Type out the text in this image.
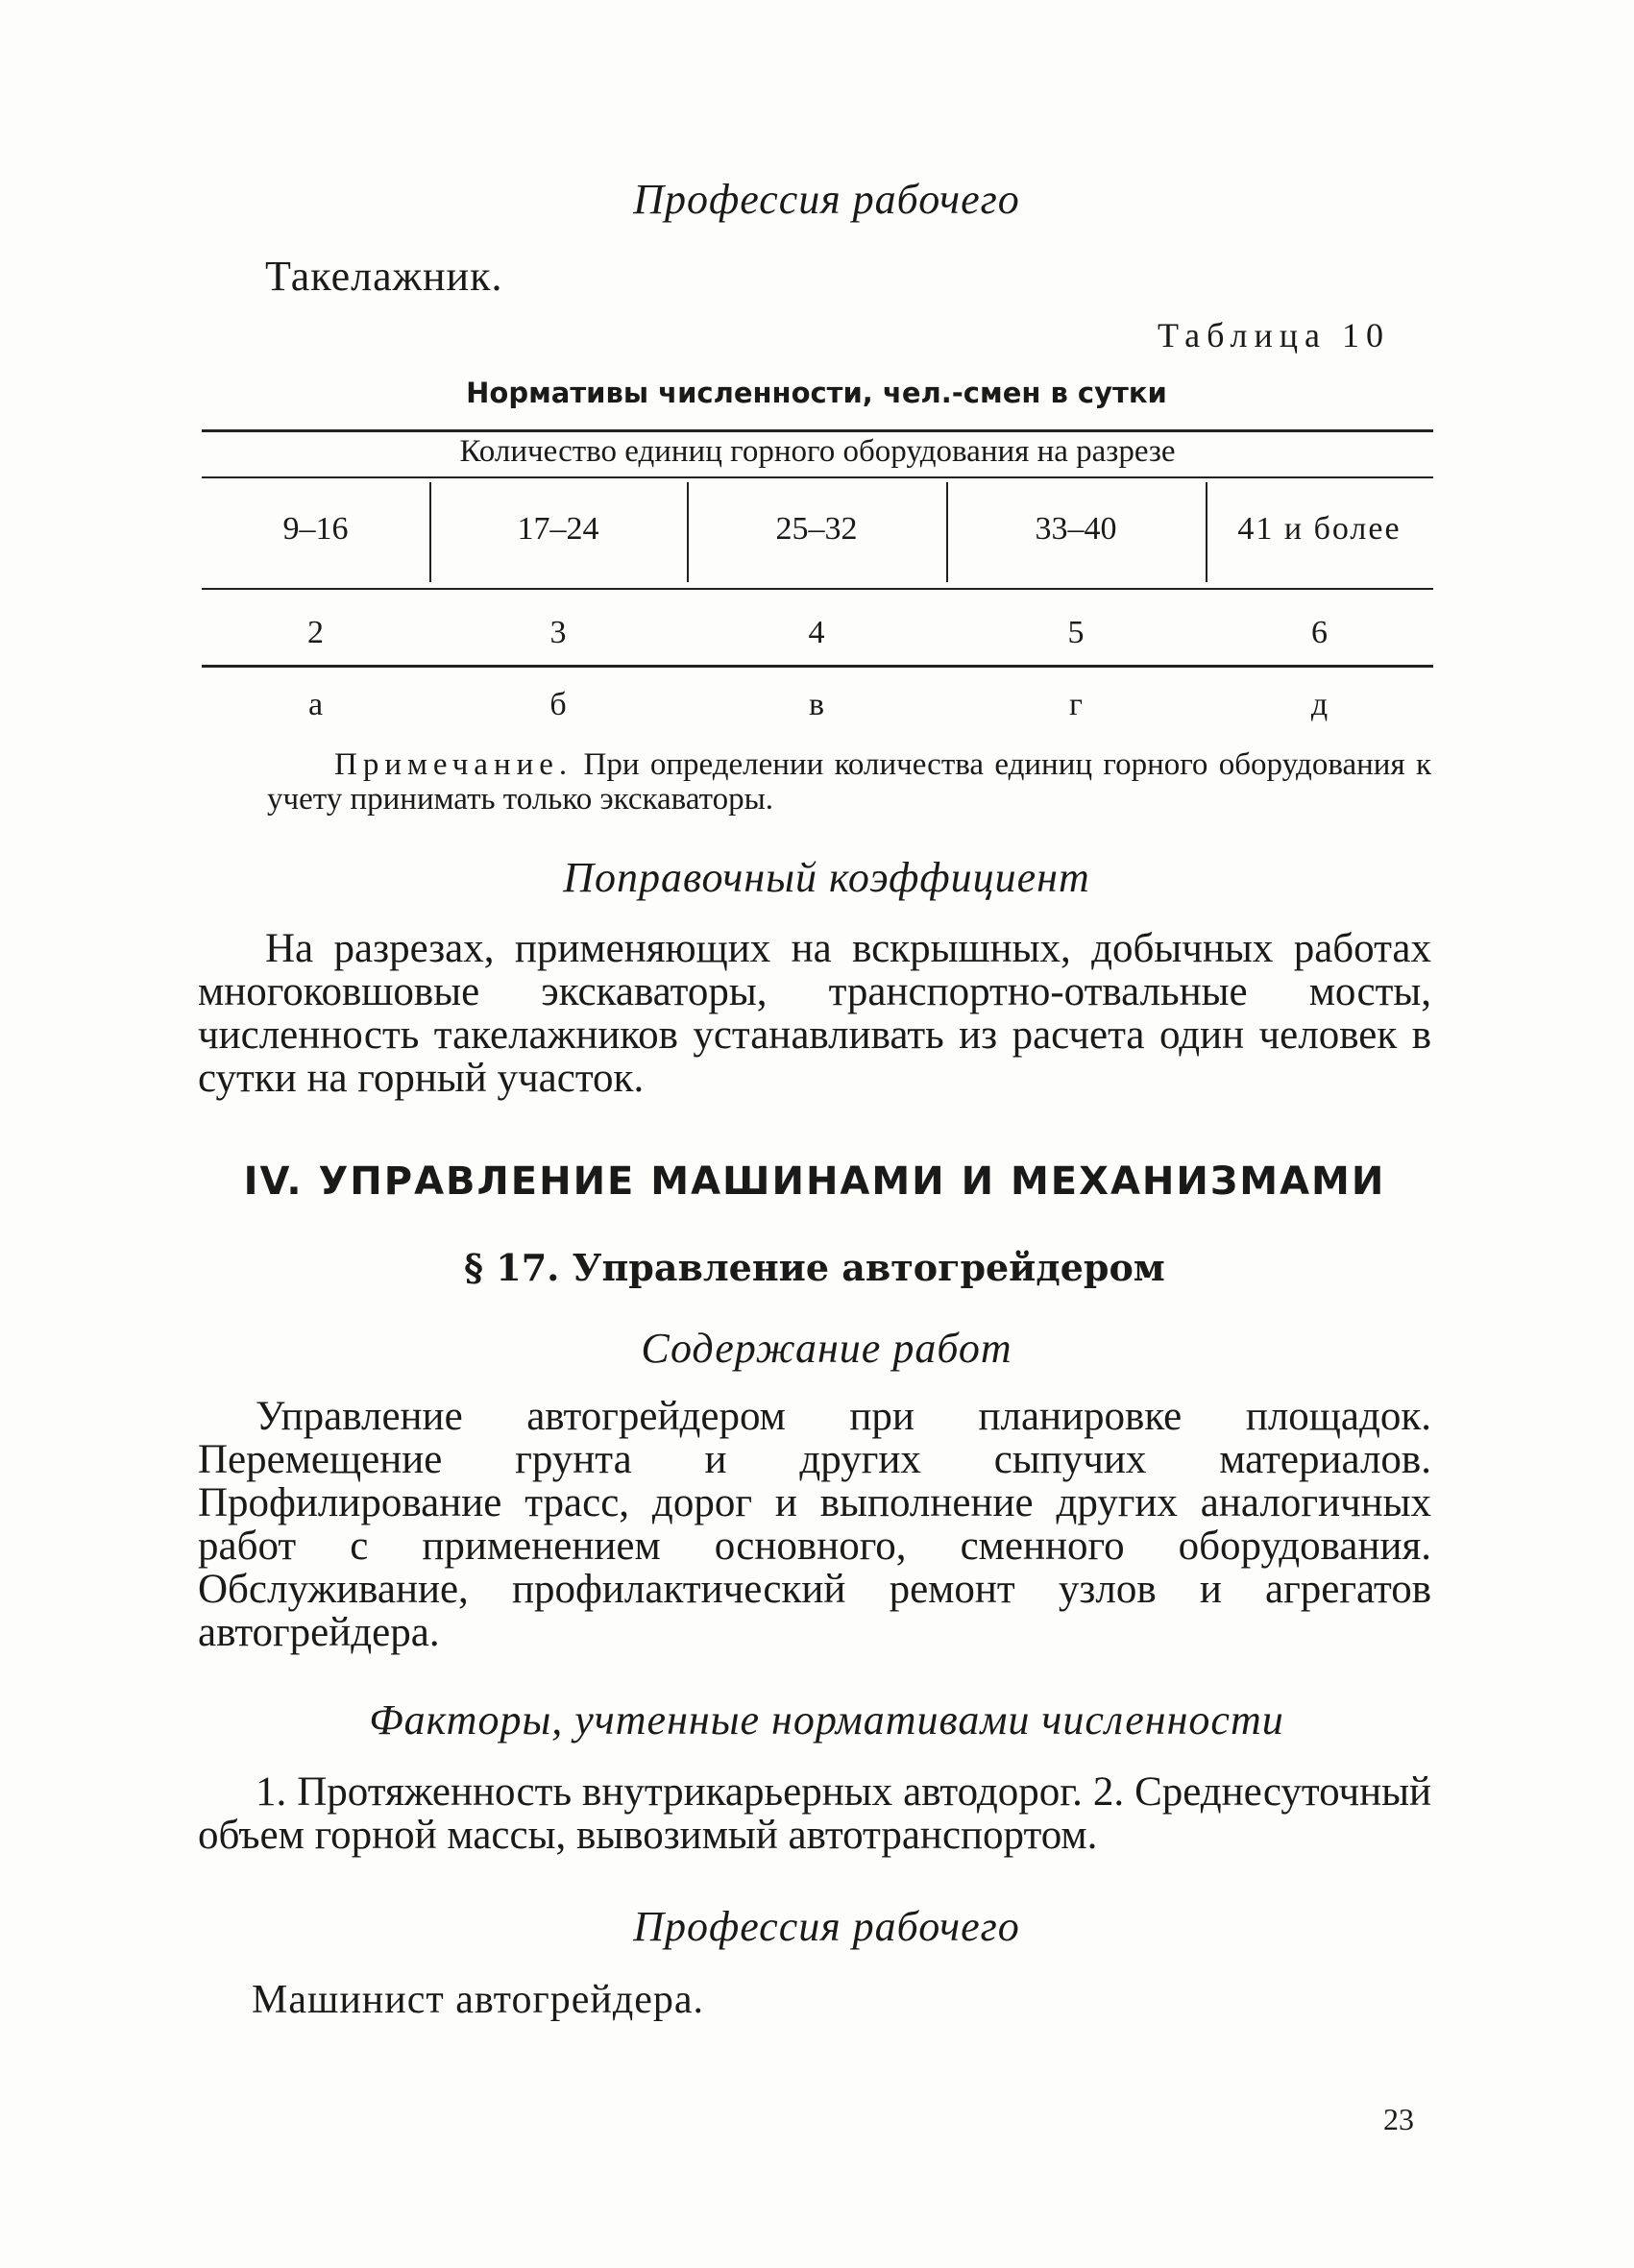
Профессия рабочего
Такелажник.
Таблица 10
Нормативы численности, чел.-смен в сутки
Количество единиц горного оборудования на разрезе
9–16	17–24	25–32	33–40	41 и более
2	3	4	5	6
а	б	в	г	д
Примечание. При определении количества единиц горного оборудования к учету принимать только экскаваторы.
Поправочный коэффициент
На разрезах, применяющих на вскрышных, добычных работах многоковшовые экскаваторы, транспортно-отвальные мосты, численность такелажников устанавливать из расчета один человек в сутки на горный участок.
IV. УПРАВЛЕНИЕ МАШИНАМИ И МЕХАНИЗМАМИ
§ 17. Управление автогрейдером
Содержание работ
Управление автогрейдером при планировке площадок. Перемещение грунта и других сыпучих материалов. Профилирование трасс, дорог и выполнение других аналогичных работ с применением основного, сменного оборудования. Обслуживание, профилактический ремонт узлов и агрегатов автогрейдера.
Факторы, учтенные нормативами численности
1. Протяженность внутрикарьерных автодорог. 2. Среднесуточный объем горной массы, вывозимый автотранспортом.
Профессия рабочего
Машинист автогрейдера.
23
